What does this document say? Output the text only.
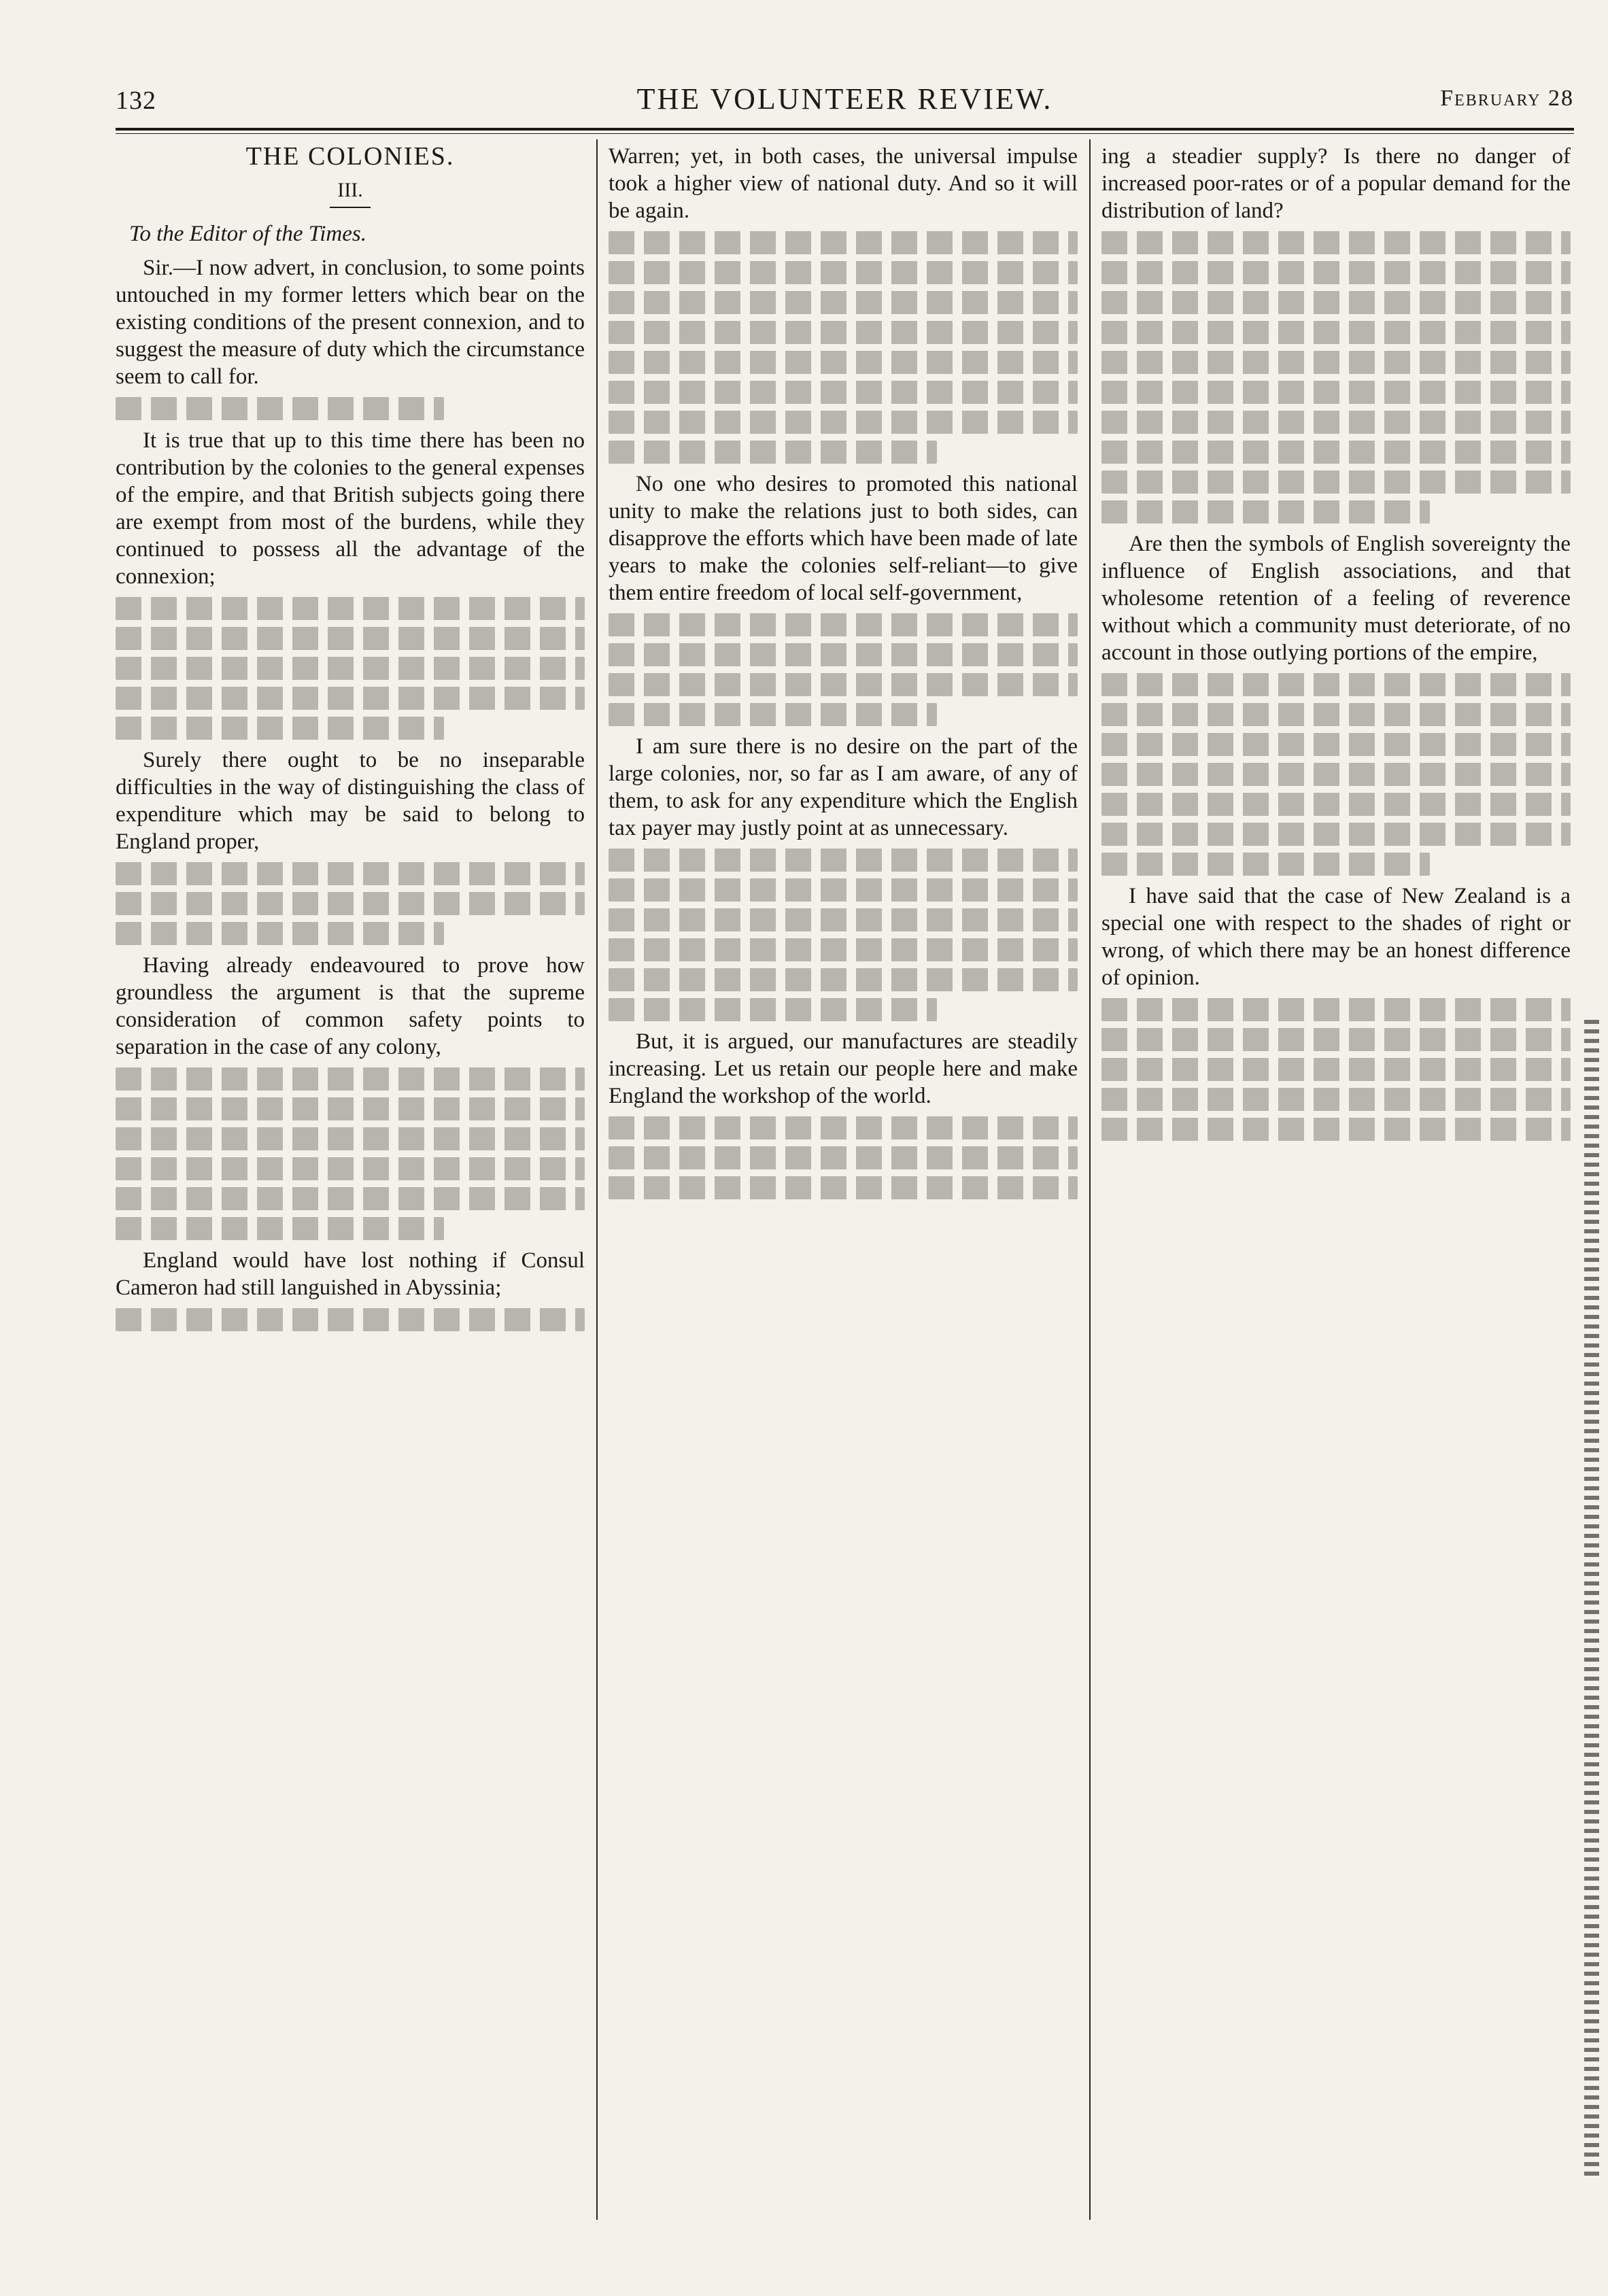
132	THE VOLUNTEER REVIEW.	February 28
THE COLONIES.
III.
To the Editor of the Times.

Sir.—I now advert, in conclusion, to some points untouched in my former letters which bear on the existing conditions of the present connexion, and to suggest the measure of duty which the circumstance seem to call for.

It is true that up to this time there has been no contribution by the colonies to the general expenses of the empire, and that British subjects going there are exempt from most of the burdens, while they continued to possess all the advantage of the connexion;

Surely there ought to be no inseparable difficulties in the way of distinguishing the class of expenditure which may be said to belong to England proper,

Having already endeavoured to prove how groundless the argument is that the supreme consideration of common safety points to separation in the case of any colony,

England would have lost nothing if Consul Cameron had still languished in Abyssinia;

Warren; yet, in both cases, the universal impulse took a higher view of national duty. And so it will be again.

No one who desires to promoted this national unity to make the relations just to both sides, can disapprove the efforts which have been made of late years to make the colonies self-reliant—to give them entire freedom of local self-government,

I am sure there is no desire on the part of the large colonies, nor, so far as I am aware, of any of them, to ask for any expenditure which the English tax payer may justly point at as unnecessary.

But, it is argued, our manufactures are steadily increasing. Let us retain our people here and make England the workshop of the world.

ing a steadier supply? Is there no danger of increased poor-rates or of a popular demand for the distribution of land?

Are then the symbols of English sovereignty the influence of English associations, and that wholesome retention of a feeling of reverence without which a community must deteriorate, of no account in those outlying portions of the empire,

I have said that the case of New Zealand is a special one with respect to the shades of right or wrong, of which there may be an honest difference of opinion.
